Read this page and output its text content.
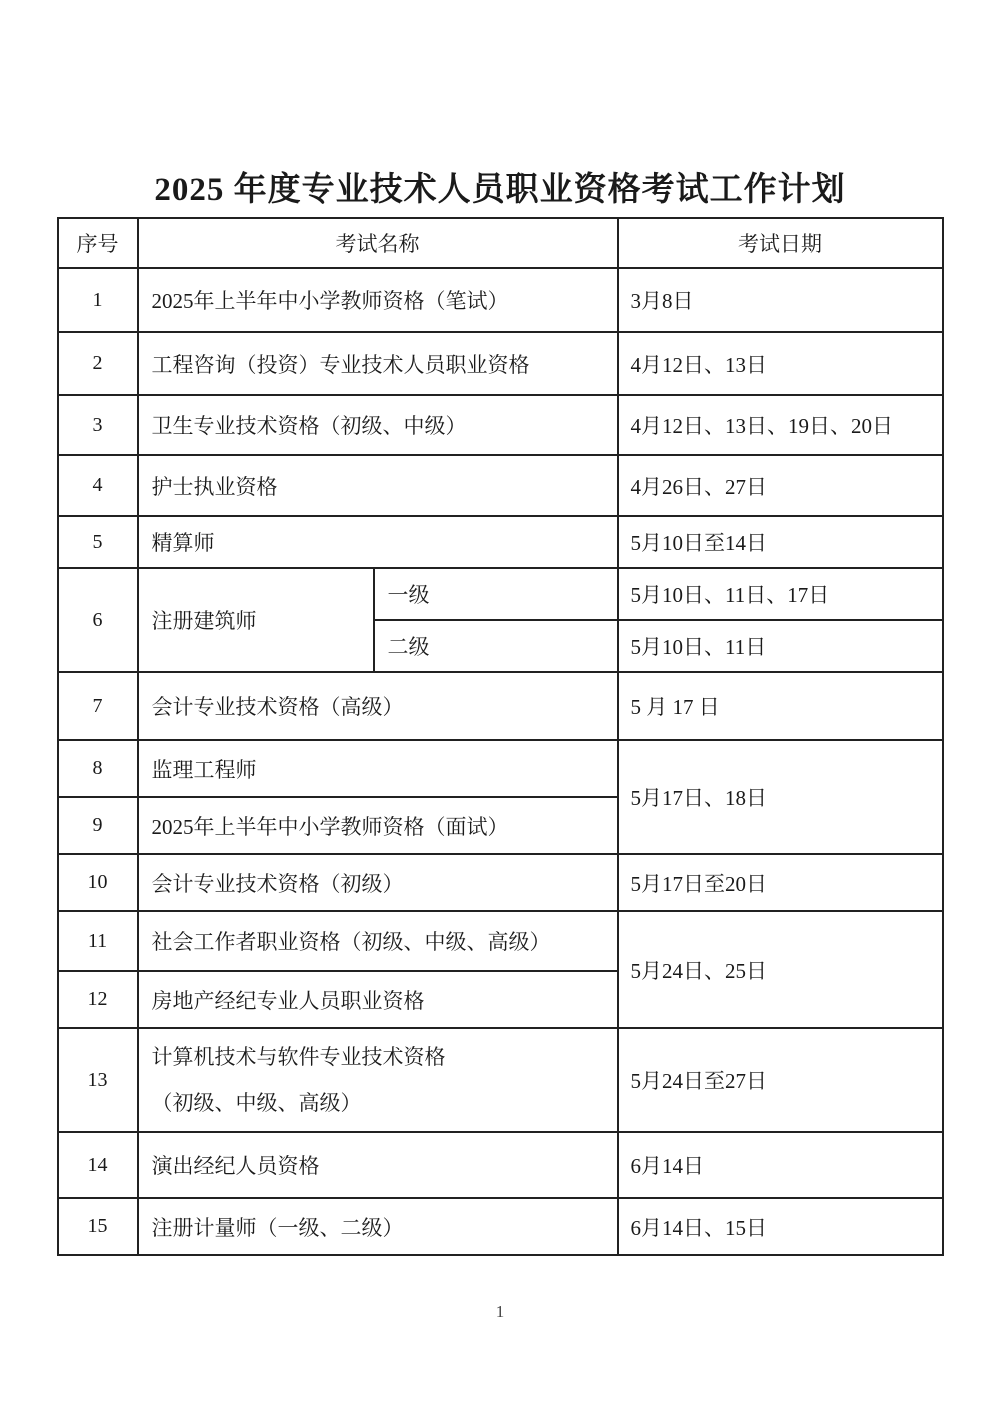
2025 年度专业技术人员职业资格考试工作计划
序号	考试名称		考试日期
1	2025年上半年中小学教师资格（笔试）		3月8日
2	工程咨询（投资）专业技术人员职业资格		4月12日、13日
3	卫生专业技术资格（初级、中级）		4月12日、13日、19日、20日
4	护士执业资格		4月26日、27日
5	精算师		5月10日至14日
6	注册建筑师	一级	5月10日、11日、17日
		二级	5月10日、11日
7	会计专业技术资格（高级）		5 月 17 日
8	监理工程师		5月17日、18日
9	2025年上半年中小学教师资格（面试）		
10	会计专业技术资格（初级）		5月17日至20日
11	社会工作者职业资格（初级、中级、高级）		5月24日、25日
12	房地产经纪专业人员职业资格		
13	计算机技术与软件专业技术资格
（初级、中级、高级）		5月24日至27日
14	演出经纪人员资格		6月14日
15	注册计量师（一级、二级）		6月14日、15日
1
